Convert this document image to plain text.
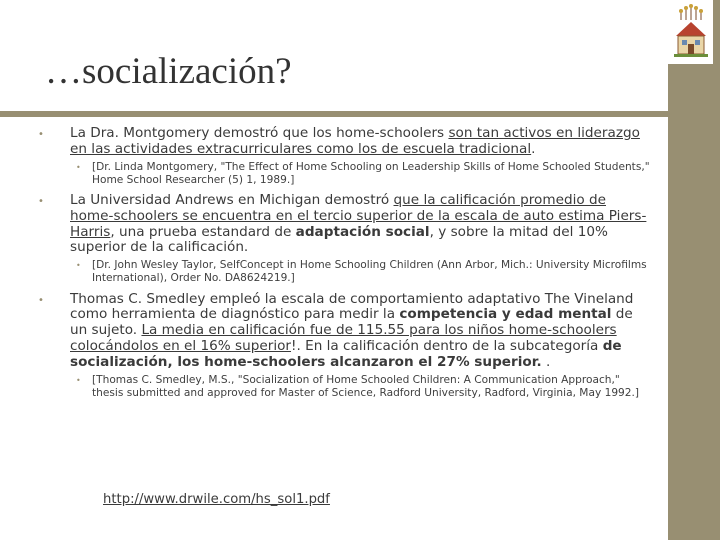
…socialización?
• La Dra. Montgomery demostró que los home-schoolers son tan activos en liderazgo en las actividades extracurriculares como los de escuela tradicional.
• [Dr. Linda Montgomery, "The Effect of Home Schooling on Leadership Skills of Home Schooled Students," Home School Researcher (5) 1, 1989.]
• La Universidad Andrews en Michigan demostró que la calificación promedio de home-schoolers se encuentra en el tercio superior de la escala de auto estima Piers-Harris, una prueba estandard de adaptación social, y sobre la mitad del 10% superior de la calificación.
• [Dr. John Wesley Taylor, SelfConcept in Home Schooling Children (Ann Arbor, Mich.: University Microfilms International), Order No. DA8624219.]
• Thomas C. Smedley empleó la escala de comportamiento adaptativo The Vineland como herramienta de diagnóstico para medir la competencia y edad mental de un sujeto. La media en calificación fue de 115.55 para los niños home-schoolers colocándolos en el 16% superior!. En la calificación dentro de la subcategoría de socialización, los home-schoolers alcanzaron el 27% superior. .
• [Thomas C. Smedley, M.S., "Socialization of Home Schooled Children: A Communication Approach," thesis submitted and approved for Master of Science, Radford University, Radford, Virginia, May 1992.]
http://www.drwile.com/hs_sol1.pdf
